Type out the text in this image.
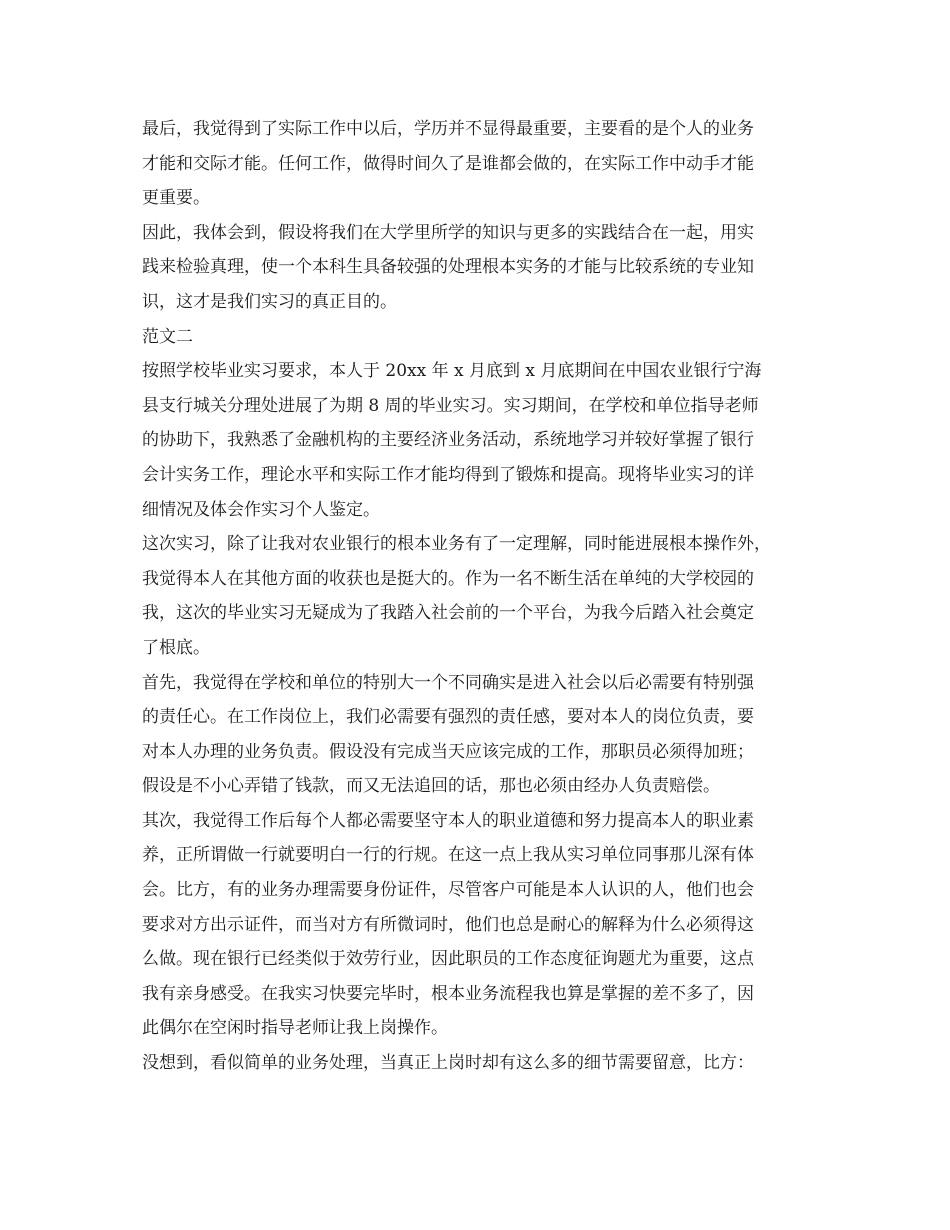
最后，我觉得到了实际工作中以后，学历并不显得最重要，主要看的是个人的业务
才能和交际才能。任何工作，做得时间久了是谁都会做的，在实际工作中动手才能
更重要。
因此，我体会到，假设将我们在大学里所学的知识与更多的实践结合在一起，用实
践来检验真理，使一个本科生具备较强的处理根本实务的才能与比较系统的专业知
识，这才是我们实习的真正目的。
范文二
按照学校毕业实习要求，本人于 20xx 年 x 月底到 x 月底期间在中国农业银行宁海
县支行城关分理处进展了为期 8 周的毕业实习。实习期间，在学校和单位指导老师
的协助下，我熟悉了金融机构的主要经济业务活动，系统地学习并较好掌握了银行
会计实务工作，理论水平和实际工作才能均得到了锻炼和提高。现将毕业实习的详
细情况及体会作实习个人鉴定。
这次实习，除了让我对农业银行的根本业务有了一定理解，同时能进展根本操作外，
我觉得本人在其他方面的收获也是挺大的。作为一名不断生活在单纯的大学校园的
我，这次的毕业实习无疑成为了我踏入社会前的一个平台，为我今后踏入社会奠定
了根底。
首先，我觉得在学校和单位的特别大一个不同确实是进入社会以后必需要有特别强
的责任心。在工作岗位上，我们必需要有强烈的责任感，要对本人的岗位负责，要
对本人办理的业务负责。假设没有完成当天应该完成的工作，那职员必须得加班；
假设是不小心弄错了钱款，而又无法追回的话，那也必须由经办人负责赔偿。
其次，我觉得工作后每个人都必需要坚守本人的职业道德和努力提高本人的职业素
养，正所谓做一行就要明白一行的行规。在这一点上我从实习单位同事那儿深有体
会。比方，有的业务办理需要身份证件，尽管客户可能是本人认识的人，他们也会
要求对方出示证件，而当对方有所微词时，他们也总是耐心的解释为什么必须得这
么做。现在银行已经类似于效劳行业，因此职员的工作态度征询题尤为重要，这点
我有亲身感受。在我实习快要完毕时，根本业务流程我也算是掌握的差不多了，因
此偶尔在空闲时指导老师让我上岗操作。
没想到，看似简单的业务处理，当真正上岗时却有这么多的细节需要留意，比方：
